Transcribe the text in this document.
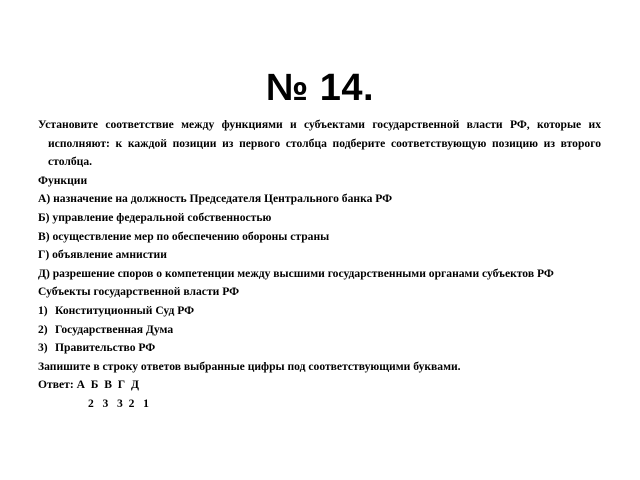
№ 14.

Установите соответствие между функциями и субъектами государственной власти РФ, которые их исполняют: к каждой позиции из первого столбца подберите соответствующую позицию из второго столбца.

Функции

А) назначение на должность Председателя Центрального банка РФ

Б) управление федеральной собственностью

В) осуществление мер по обеспечению обороны страны

Г) объявление амнистии

Д) разрешение споров о компетенции между высшими государственными органами субъектов РФ

Субъекты государственной власти РФ

1) Конституционный Суд РФ
2) Государственная Дума
3) Правительство РФ

Запишите в строку ответов выбранные цифры под соответствующими буквами.

Ответ: А Б В Г Д

2 3 3 2 1
